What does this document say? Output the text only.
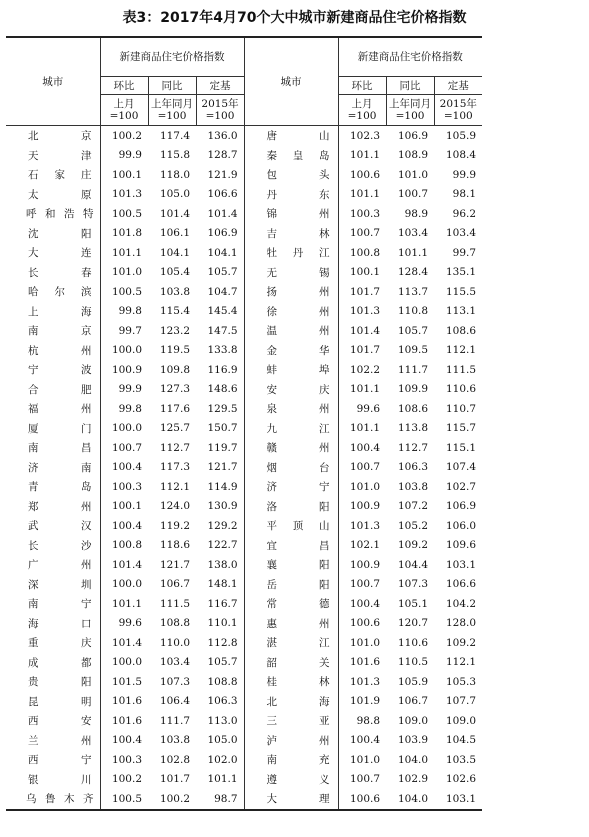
表3：2017年4月70个大中城市新建商品住宅价格指数
城市	新建商品住宅价格指数			城市	新建商品住宅价格指数		
	环比	同比	定基		环比	同比	定基
	上月=100	上年同月=100	2015年=100		上月=100	上年同月=100	2015年=100
北 京	100.2	117.4	136.0	唐 山	102.3	106.9	105.9
天 津	99.9	115.8	128.7	秦皇岛	101.1	108.9	108.4
石家庄	100.1	118.0	121.9	包 头	100.6	101.0	99.9
太 原	101.3	105.0	106.6	丹 东	101.1	100.7	98.1
呼和浩特	100.5	101.4	101.4	锦 州	100.3	98.9	96.2
沈 阳	101.8	106.1	106.9	吉 林	100.7	103.4	103.4
大 连	101.1	104.1	104.1	牡丹江	100.8	101.1	99.7
长 春	101.0	105.4	105.7	无 锡	100.1	128.4	135.1
哈尔滨	100.5	103.8	104.7	扬 州	101.7	113.7	115.5
上 海	99.8	115.4	145.4	徐 州	101.3	110.8	113.1
南 京	99.7	123.2	147.5	温 州	101.4	105.7	108.6
杭 州	100.0	119.5	133.8	金 华	101.7	109.5	112.1
宁 波	100.9	109.8	116.9	蚌 埠	102.2	111.7	111.5
合 肥	99.9	127.3	148.6	安 庆	101.1	109.9	110.6
福 州	99.8	117.6	129.5	泉 州	99.6	108.6	110.7
厦 门	100.0	125.7	150.7	九 江	101.1	113.8	115.7
南 昌	100.7	112.7	119.7	赣 州	100.4	112.7	115.1
济 南	100.4	117.3	121.7	烟 台	100.7	106.3	107.4
青 岛	100.3	112.1	114.9	济 宁	101.0	103.8	102.7
郑 州	100.1	124.0	130.9	洛 阳	100.9	107.2	106.9
武 汉	100.4	119.2	129.2	平顶山	101.3	105.2	106.0
长 沙	100.8	118.6	122.7	宜 昌	102.1	109.2	109.6
广 州	101.4	121.7	138.0	襄 阳	100.9	104.4	103.1
深 圳	100.0	106.7	148.1	岳 阳	100.7	107.3	106.6
南 宁	101.1	111.5	116.7	常 德	100.4	105.1	104.2
海 口	99.6	108.8	110.1	惠 州	100.6	120.7	128.0
重 庆	101.4	110.0	112.8	湛 江	101.0	110.6	109.2
成 都	100.0	103.4	105.7	韶 关	101.6	110.5	112.1
贵 阳	101.5	107.3	108.8	桂 林	101.3	105.9	105.3
昆 明	101.6	106.4	106.3	北 海	101.9	106.7	107.7
西 安	101.6	111.7	113.0	三 亚	98.8	109.0	109.0
兰 州	100.4	103.8	105.0	泸 州	100.4	103.9	104.5
西 宁	100.3	102.8	102.0	南 充	101.0	104.0	103.5
银 川	100.2	101.7	101.1	遵 义	100.7	102.9	102.6
乌鲁木齐	100.5	100.2	98.7	大 理	100.6	104.0	103.1
